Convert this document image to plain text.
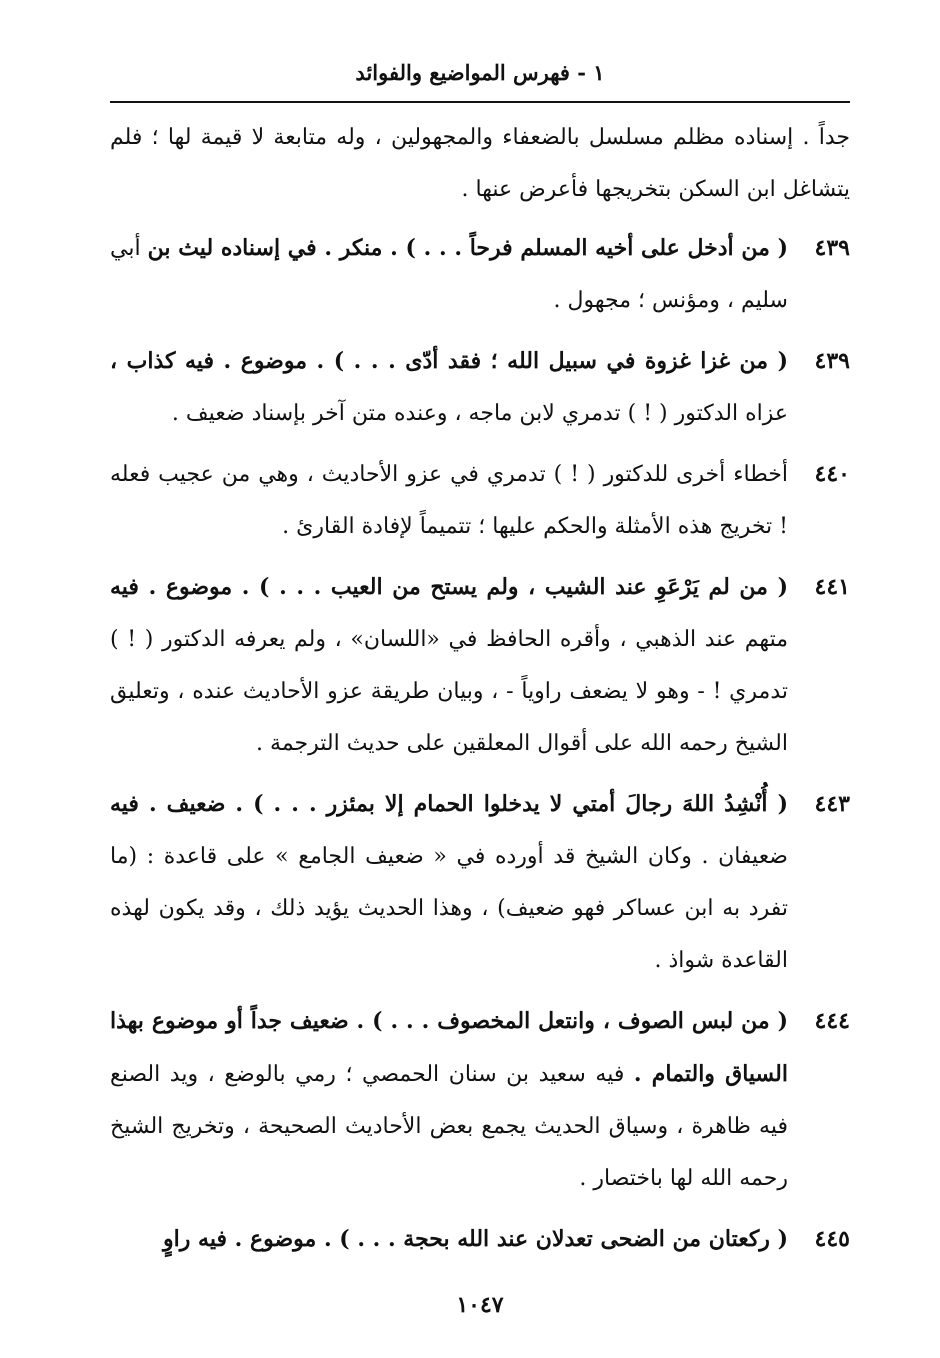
١ - فهرس المواضيع والفوائد

جداً . إسناده مظلم مسلسل بالضعفاء والمجهولين ، وله متابعة لا قيمة لها ؛ فلم يتشاغل ابن السكن بتخريجها فأعرض عنها .

٤٣٩
( من أدخل على أخيه المسلم فرحاً . . . ) . منكر . في إسناده ليث بن أبي سليم ، ومؤنس ؛ مجهول .
٤٣٩
( من غزا غزوة في سبيل الله ؛ فقد أدّى . . . ) . موضوع . فيه كذاب ، عزاه الدكتور ( ! ) تدمري لابن ماجه ، وعنده متن آخر بإسناد ضعيف .
٤٤٠
أخطاء أخرى للدكتور ( ! ) تدمري في عزو الأحاديث ، وهي من عجيب فعله ! تخريج هذه الأمثلة والحكم عليها ؛ تتميماً لإفادة القارئ .
٤٤١
( من لم يَرْعَوِ عند الشيب ، ولم يستح من العيب . . . ) . موضوع . فيه متهم عند الذهبي ، وأقره الحافظ في «اللسان» ، ولم يعرفه الدكتور ( ! ) تدمري ! - وهو لا يضعف راوياً - ، وبيان طريقة عزو الأحاديث عنده ، وتعليق الشيخ رحمه الله على أقوال المعلقين على حديث الترجمة .
٤٤٣
( أُنْشِدُ اللهَ رجالَ أمتي لا يدخلوا الحمام إلا بمئزر . . . ) . ضعيف . فيه ضعيفان . وكان الشيخ قد أورده في « ضعيف الجامع » على قاعدة : (ما تفرد به ابن عساكر فهو ضعيف) ، وهذا الحديث يؤيد ذلك ، وقد يكون لهذه القاعدة شواذ .
٤٤٤
( من لبس الصوف ، وانتعل المخصوف . . . ) . ضعيف جداً أو موضوع بهذا السياق والتمام . فيه سعيد بن سنان الحمصي ؛ رمي بالوضع ، ويد الصنع فيه ظاهرة ، وسياق الحديث يجمع بعض الأحاديث الصحيحة ، وتخريج الشيخ رحمه الله لها باختصار .
٤٤٥
( ركعتان من الضحى تعدلان عند الله بحجة . . . ) . موضوع . فيه راوٍ
١٠٤٧
